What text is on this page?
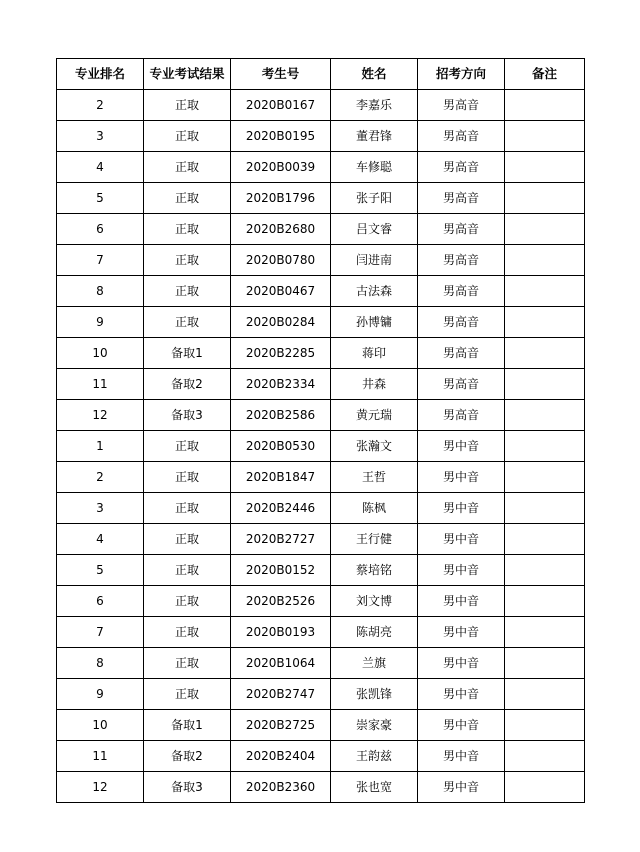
专业排名	专业考试结果	考生号	姓名	招考方向	备注
2	正取	2020B0167	李嘉乐	男高音	
3	正取	2020B0195	董君锋	男高音	
4	正取	2020B0039	车修聪	男高音	
5	正取	2020B1796	张子阳	男高音	
6	正取	2020B2680	吕文睿	男高音	
7	正取	2020B0780	闫进南	男高音	
8	正取	2020B0467	古法森	男高音	
9	正取	2020B0284	孙博镛	男高音	
10	备取1	2020B2285	蒋印	男高音	
11	备取2	2020B2334	井森	男高音	
12	备取3	2020B2586	黄元瑞	男高音	
1	正取	2020B0530	张瀚文	男中音	
2	正取	2020B1847	王哲	男中音	
3	正取	2020B2446	陈枫	男中音	
4	正取	2020B2727	王行健	男中音	
5	正取	2020B0152	蔡培铭	男中音	
6	正取	2020B2526	刘文博	男中音	
7	正取	2020B0193	陈胡亮	男中音	
8	正取	2020B1064	兰旗	男中音	
9	正取	2020B2747	张凯锋	男中音	
10	备取1	2020B2725	崇家豪	男中音	
11	备取2	2020B2404	王韵兹	男中音	
12	备取3	2020B2360	张也宽	男中音	
